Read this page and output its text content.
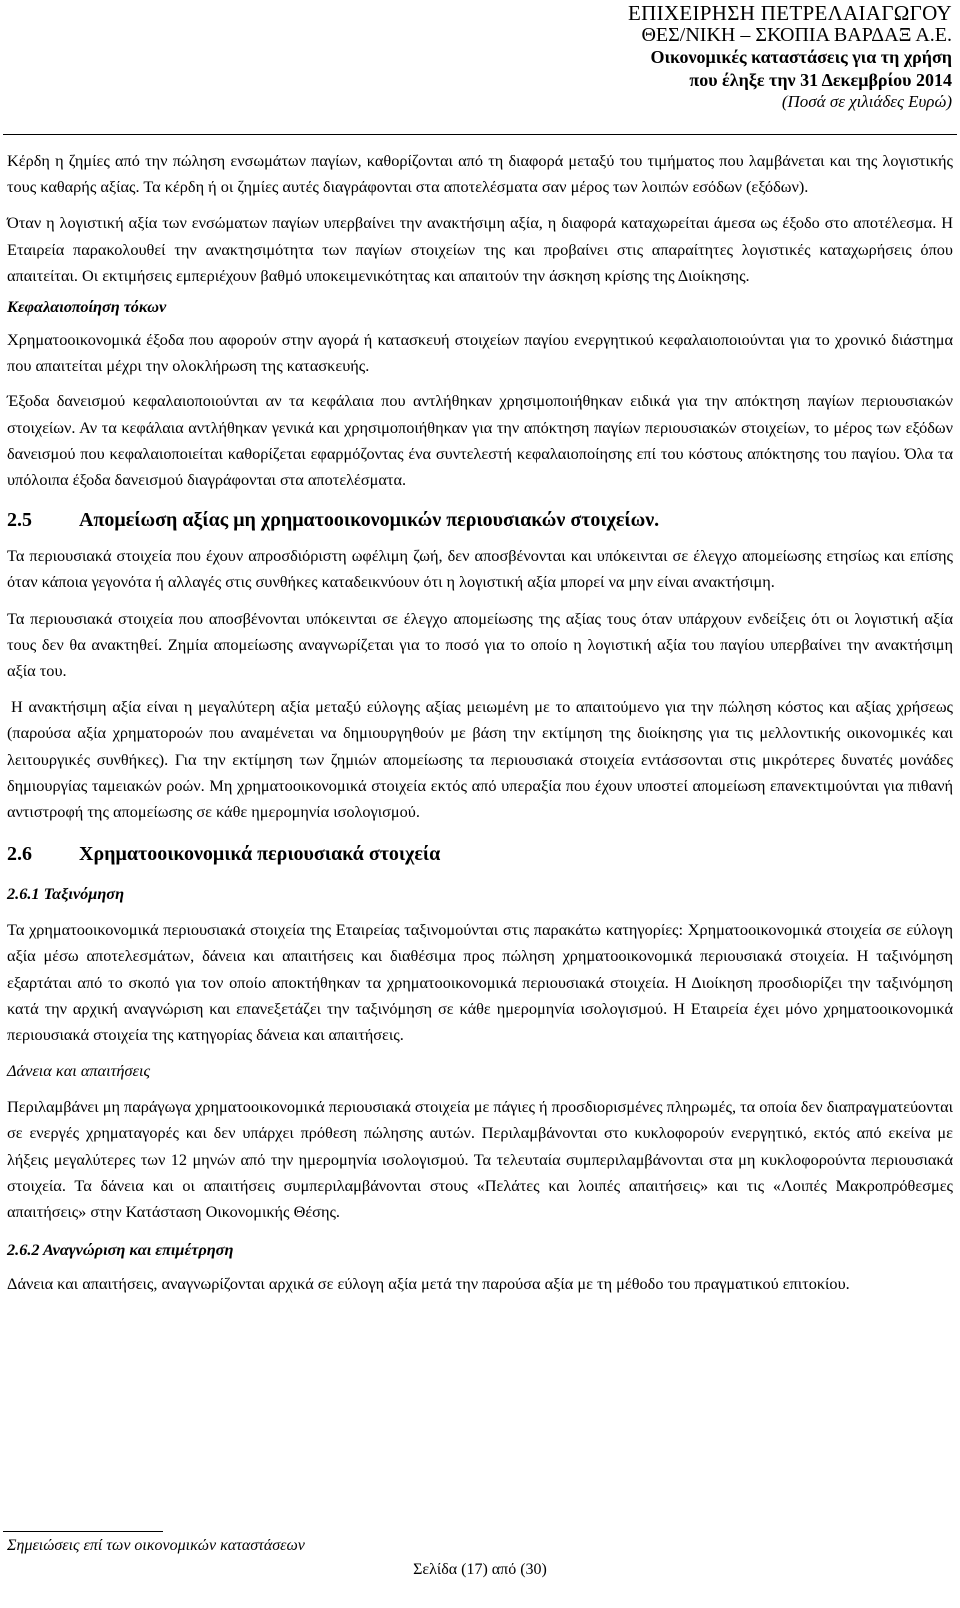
ΕΠΙΧΕΙΡΗΣΗ ΠΕΤΡΕΛΑΙΑΓΩΓΟΥ
ΘΕΣ/ΝΙΚΗ – ΣΚΟΠΙΑ ΒΑΡΔΑΞ Α.Ε.
Οικονομικές καταστάσεις για τη χρήση
που έληξε την 31 Δεκεμβρίου 2014
(Ποσά σε χιλιάδες Ευρώ)

Κέρδη η ζημίες από την πώληση ενσωμάτων παγίων, καθορίζονται από τη διαφορά μεταξύ του τιμήματος που λαμβάνεται και της λογιστικής τους καθαρής αξίας. Τα κέρδη ή οι ζημίες αυτές διαγράφονται στα αποτελέσματα σαν μέρος των λοιπών εσόδων (εξόδων).

Όταν η λογιστική αξία των ενσώματων παγίων υπερβαίνει την ανακτήσιμη αξία, η διαφορά καταχωρείται άμεσα ως έξοδο στο αποτέλεσμα. Η Εταιρεία παρακολουθεί την ανακτησιμότητα των παγίων στοιχείων της και προβαίνει στις απαραίτητες λογιστικές καταχωρήσεις όπου απαιτείται. Οι εκτιμήσεις εμπεριέχουν βαθμό υποκειμενικότητας και απαιτούν την άσκηση κρίσης της Διοίκησης.

Κεφαλαιοποίηση τόκων

Χρηματοοικονομικά έξοδα που αφορούν στην αγορά ή κατασκευή στοιχείων παγίου ενεργητικού κεφαλαιοποιούνται για το χρονικό διάστημα που απαιτείται μέχρι την ολοκλήρωση της κατασκευής.

Έξοδα δανεισμού κεφαλαιοποιούνται αν τα κεφάλαια που αντλήθηκαν χρησιμοποιήθηκαν ειδικά για την απόκτηση παγίων περιουσιακών στοιχείων. Αν τα κεφάλαια αντλήθηκαν γενικά και χρησιμοποιήθηκαν για την απόκτηση παγίων περιουσιακών στοιχείων, το μέρος των εξόδων δανεισμού που κεφαλαιοποιείται καθορίζεται εφαρμόζοντας ένα συντελεστή κεφαλαιοποίησης επί του κόστους απόκτησης του παγίου. Όλα τα υπόλοιπα έξοδα δανεισμού διαγράφονται στα αποτελέσματα.

2.5	Απομείωση αξίας μη χρηματοοικονομικών περιουσιακών στοιχείων.

Τα περιουσιακά στοιχεία που έχουν απροσδιόριστη ωφέλιμη ζωή, δεν αποσβένονται και υπόκεινται σε έλεγχο απομείωσης ετησίως και επίσης όταν κάποια γεγονότα ή αλλαγές στις συνθήκες καταδεικνύουν ότι η λογιστική αξία μπορεί να μην είναι ανακτήσιμη.

Τα περιουσιακά στοιχεία που αποσβένονται υπόκεινται σε έλεγχο απομείωσης της αξίας τους όταν υπάρχουν ενδείξεις ότι οι λογιστική αξία τους δεν θα ανακτηθεί. Ζημία απομείωσης αναγνωρίζεται για το ποσό για το οποίο η λογιστική αξία του παγίου υπερβαίνει την ανακτήσιμη αξία του.

Η ανακτήσιμη αξία είναι η μεγαλύτερη αξία μεταξύ εύλογης αξίας μειωμένη με το απαιτούμενο για την πώληση κόστος και αξίας χρήσεως (παρούσα αξία χρηματοροών που αναμένεται να δημιουργηθούν με βάση την εκτίμηση της διοίκησης για τις μελλοντικής οικονομικές και λειτουργικές συνθήκες). Για την εκτίμηση των ζημιών απομείωσης τα περιουσιακά στοιχεία εντάσσονται στις μικρότερες δυνατές μονάδες δημιουργίας ταμειακών ροών. Μη χρηματοοικονομικά στοιχεία εκτός από υπεραξία που έχουν υποστεί απομείωση επανεκτιμούνται για πιθανή αντιστροφή της απομείωσης σε κάθε ημερομηνία ισολογισμού.

2.6	Χρηματοοικονομικά περιουσιακά στοιχεία
2.6.1 Ταξινόμηση

Τα χρηματοοικονομικά περιουσιακά στοιχεία της Εταιρείας ταξινομούνται στις παρακάτω κατηγορίες: Χρηματοοικονομικά στοιχεία σε εύλογη αξία μέσω αποτελεσμάτων, δάνεια και απαιτήσεις και διαθέσιμα προς πώληση χρηματοοικονομικά περιουσιακά στοιχεία. Η ταξινόμηση εξαρτάται από το σκοπό για τον οποίο αποκτήθηκαν τα χρηματοοικονομικά περιουσιακά στοιχεία. Η Διοίκηση προσδιορίζει την ταξινόμηση κατά την αρχική αναγνώριση και επανεξετάζει την ταξινόμηση σε κάθε ημερομηνία ισολογισμού. Η Εταιρεία έχει μόνο χρηματοοικονομικά περιουσιακά στοιχεία της κατηγορίας δάνεια και απαιτήσεις.

Δάνεια και απαιτήσεις

Περιλαμβάνει μη παράγωγα χρηματοοικονομικά περιουσιακά στοιχεία με πάγιες ή προσδιορισμένες πληρωμές, τα οποία δεν διαπραγματεύονται σε ενεργές χρηματαγορές και δεν υπάρχει πρόθεση πώλησης αυτών. Περιλαμβάνονται στο κυκλοφορούν ενεργητικό, εκτός από εκείνα με λήξεις μεγαλύτερες των 12 μηνών από την ημερομηνία ισολογισμού. Τα τελευταία συμπεριλαμβάνονται στα μη κυκλοφορούντα περιουσιακά στοιχεία. Τα δάνεια και οι απαιτήσεις συμπεριλαμβάνονται στους «Πελάτες και λοιπές απαιτήσεις» και τις «Λοιπές Μακροπρόθεσμες απαιτήσεις» στην Κατάσταση Οικονομικής Θέσης.

2.6.2 Αναγνώριση και επιμέτρηση

Δάνεια και απαιτήσεις, αναγνωρίζονται αρχικά σε εύλογη αξία μετά την παρούσα αξία με τη μέθοδο του πραγματικού επιτοκίου.

Σημειώσεις επί των οικονομικών καταστάσεων
Σελίδα (17) από (30)
